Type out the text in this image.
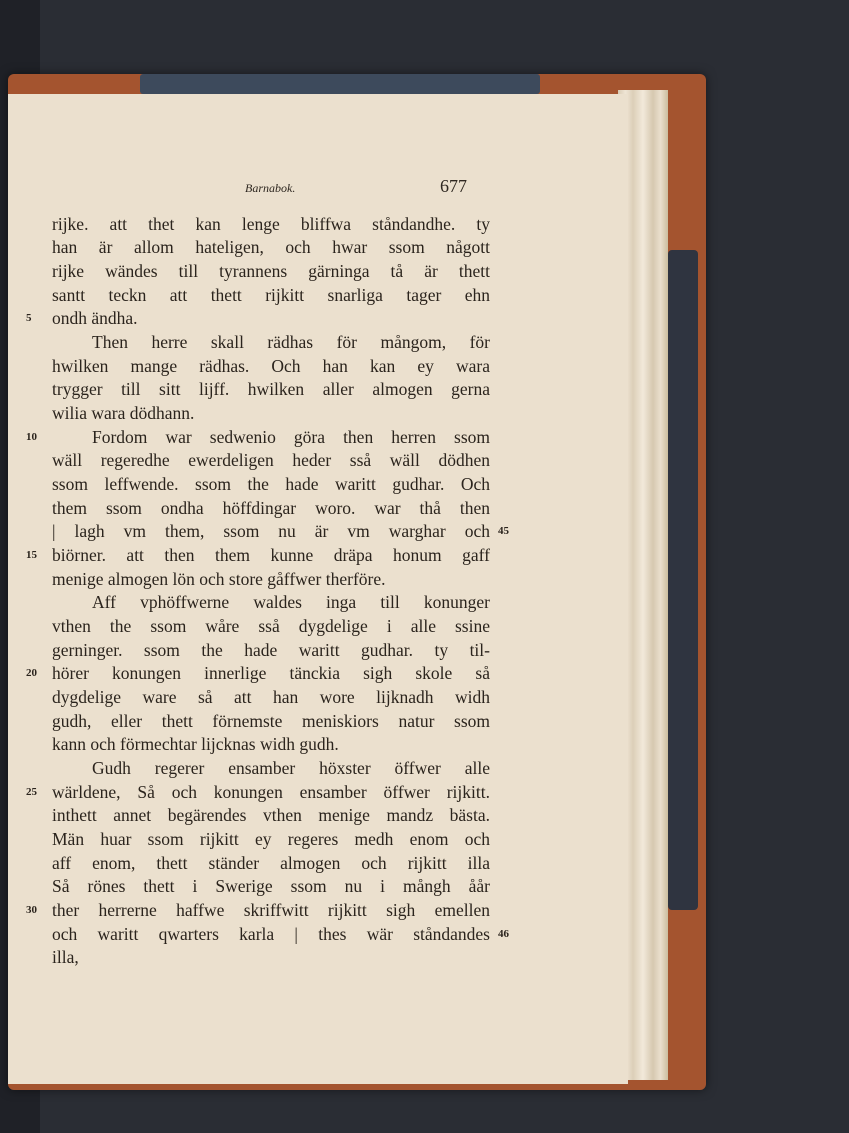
Barnabok.	677
rijke. att thet kan lenge bliffwa ståndandhe. ty
han är allom hateligen, och hwar ssom någott
rijke wändes till tyrannens gärninga tå är thett
santt teckn att thett rijkitt snarliga tager ehn
ondh ändha.
Then herre skall rädhas för mångom, för
hwilken mange rädhas. Och han kan ey wara
trygger till sitt lijff. hwilken aller almogen gerna
wilia wara dödhann.
Fordom war sedwenio göra then herren ssom
wäll regeredhe ewerdeligen heder sså wäll dödhen
ssom leffwende. ssom the hade waritt gudhar. Och
them ssom ondha höffdingar woro. war thå then
| lagh vm them, ssom nu är vm warghar och
biörner. att then them kunne dräpa honum gaff
menige almogen lön och store gåffwer therföre.
Aff vphöffwerne waldes inga till konunger
vthen the ssom wåre sså dygdelige i alle ssine
gerninger. ssom the hade waritt gudhar. ty til-
hörer konungen innerlige tänckia sigh skole så
dygdelige ware så att han wore lijknadh widh
gudh, eller thett förnemste meniskiors natur ssom
kann och förmechtar lijcknas widh gudh.
Gudh regerer ensamber höxster öffwer alle
wärldene, Så och konungen ensamber öffwer rijkitt.
inthett annet begärendes vthen menige mandz bästa.
Män huar ssom rijkitt ey regeres medh enom och
aff enom, thett ständer almogen och rijkitt illa
Så rönes thett i Swerige ssom nu i mångh åår
ther herrerne haffwe skriffwitt rijkitt sigh emellen
och waritt qwarters karla | thes wär ståndandes
illa,
5
10
15
20
25
30
45
46
